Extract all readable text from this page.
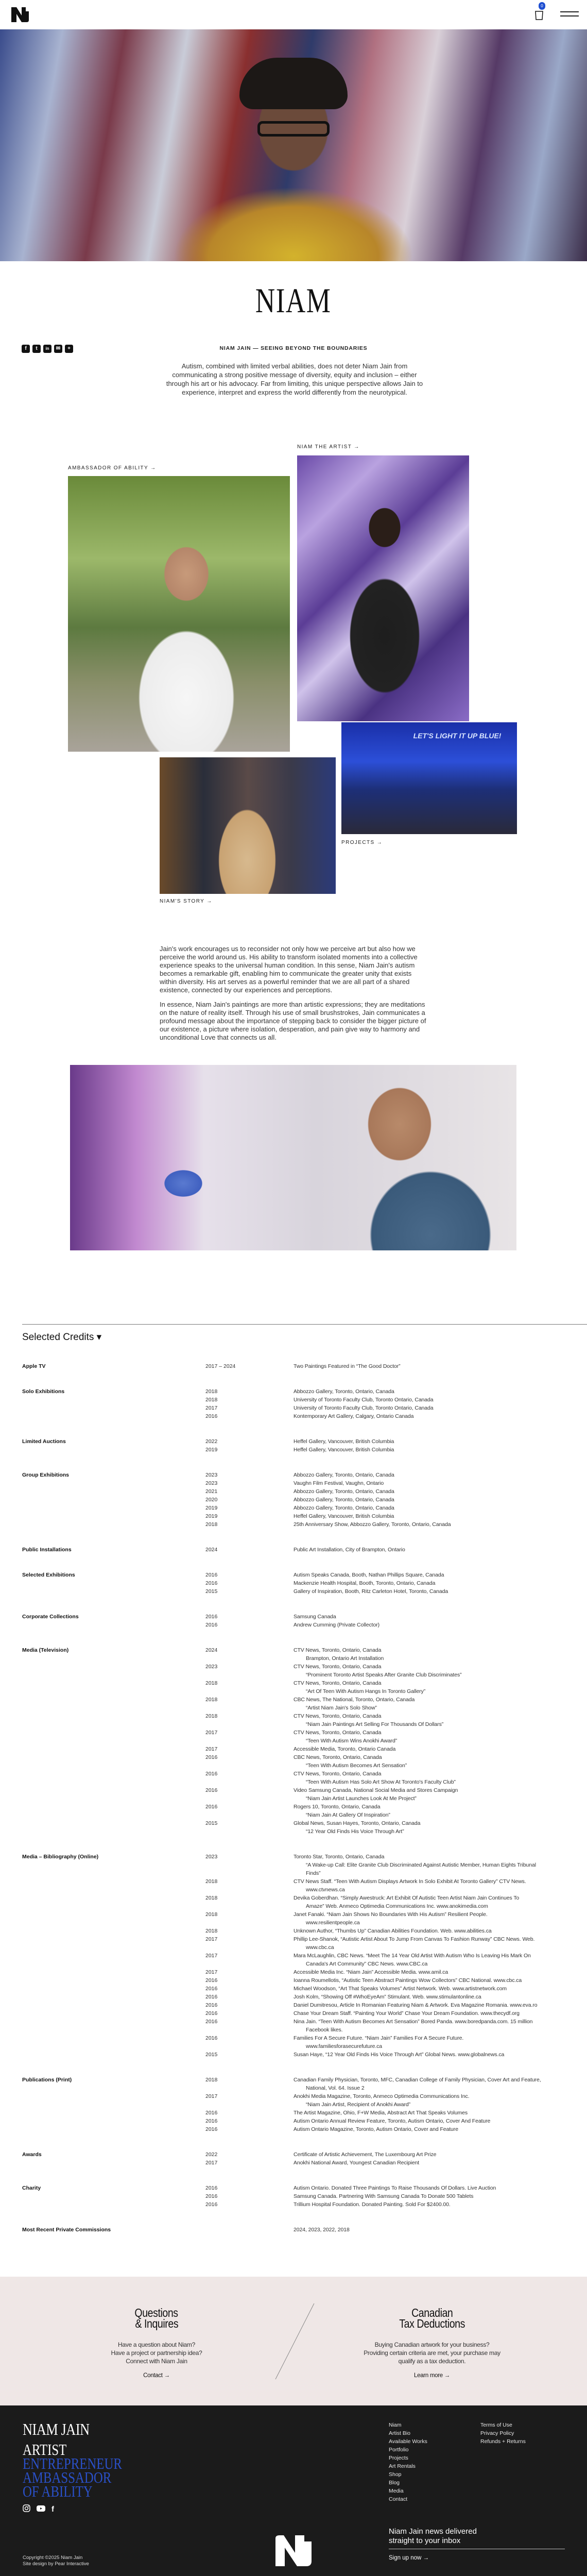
0
NIAM
f	t	in	✉	+	NIAM JAIN — SEEING BEYOND THE BOUNDARIES

Autism, combined with limited verbal abilities, does not deter Niam Jain from communicating a strong positive message of diversity, equity and inclusion – either through his art or his advocacy. Far from limiting, this unique perspective allows Jain to experience, interpret and express the world differently from the neurotypical.

AMBASSADOR OF ABILITY →
NIAM THE ARTIST →
LET'S LIGHT IT UP BLUE!
PROJECTS →
NIAM'S STORY →

Jain's work encourages us to reconsider not only how we perceive art but also how we perceive the world around us. His ability to transform isolated moments into a collective experience speaks to the universal human condition. In this sense, Niam Jain's autism becomes a remarkable gift, enabling him to communicate the greater unity that exists within diversity. His art serves as a powerful reminder that we are all part of a shared existence, connected by our experiences and perceptions.

In essence, Niam Jain's paintings are more than artistic expressions; they are meditations on the nature of reality itself. Through his use of small brushstrokes, Jain communicates a profound message about the importance of stepping back to consider the bigger picture of our existence, a picture where isolation, desperation, and pain give way to harmony and unconditional Love that connects us all.

Selected Credits ▾
Apple TV	2017 – 2024	Two Paintings Featured in “The Good Doctor”
Solo Exhibitions	2018	Abbozzo Gallery, Toronto, Ontario, Canada
2018	University of Toronto Faculty Club, Toronto Ontario, Canada
2017	University of Toronto Faculty Club, Toronto Ontario, Canada
2016	Kontemporary Art Gallery, Calgary, Ontario Canada
Limited Auctions	2022	Heffel Gallery, Vancouver, British Columbia
2019	Heffel Gallery, Vancouver, British Columbia
Group Exhibitions	2023	Abbozzo Gallery, Toronto, Ontario, Canada
2023	Vaughn Film Festival, Vaughn, Ontario
2021	Abbozzo Gallery, Toronto, Ontario, Canada
2020	Abbozzo Gallery, Toronto, Ontario, Canada
2019	Abbozzo Gallery, Toronto, Ontario, Canada
2019	Heffel Gallery, Vancouver, British Columbia
2018	25th Anniversary Show, Abbozzo Gallery, Toronto, Ontario, Canada
Public Installations	2024	Public Art Installation, City of Brampton, Ontario
Selected Exhibitions	2016	Autism Speaks Canada, Booth, Nathan Phillips Square, Canada
2016	Mackenzie Health Hospital, Booth, Toronto, Ontario, Canada
2015	Gallery of Inspiration, Booth, Ritz Carleton Hotel, Toronto, Canada
Corporate Collections	2016	Samsung Canada
2016	Andrew Cumming (Private Collector)
Media (Television)	2024	CTV News, Toronto, Ontario, Canada
Brampton, Ontario Art Installation
2023	CTV News, Toronto, Ontario, Canada
“Prominent Toronto Artist Speaks After Granite Club Discriminates”
2018	CTV News, Toronto, Ontario, Canada
“Art Of Teen With Autism Hangs In Toronto Gallery”
2018	CBC News, The National, Toronto, Ontario, Canada
“Artist Niam Jain's Solo Show”
2018	CTV News, Toronto, Ontario, Canada
“Niam Jain Paintings Art Selling For Thousands Of Dollars”
2017	CTV News, Toronto, Ontario, Canada
“Teen With Autism Wins Anokhi Award”
2017	Accessible Media, Toronto, Ontario Canada
2016	CBC News, Toronto, Ontario, Canada
“Teen With Autism Becomes Art Sensation”
2016	CTV News, Toronto, Ontario, Canada
“Teen With Autism Has Solo Art Show At Toronto's Faculty Club”
2016	Video Samsung Canada, National Social Media and Stores Campaign
“Niam Jain Artist Launches Look At Me Project”
2016	Rogers 10, Toronto, Ontario, Canada
“Niam Jain At Gallery Of Inspiration”
2015	Global News, Susan Hayes, Toronto, Ontario, Canada
“12 Year Old Finds His Voice Through Art”
Media – Bibliography (Online)	2023	Toronto Star, Toronto, Ontario, Canada
“A Wake-up Call: Elite Granite Club Discriminated Against Autistic Member, Human Eights Tribunal
Finds”
2018	CTV News Staff. “Teen With Autism Displays Artwork In Solo Exhibit At Toronto Gallery” CTV News.
www.ctvnews.ca
2018	Devika Goberdhan. “Simply Awestruck: Art Exhibit Of Autistic Teen Artist Niam Jain Continues To
Amaze” Web. Anmeco Optimedia Communications Inc. www.anokimedia.com
2018	Janet Fanaki. “Niam Jain Shows No Boundaries With His Autism” Resilient People.
www.resilientpeople.ca
2018	Unknown Author, “Thumbs Up” Canadian Abilities Foundation. Web. www.abilities.ca
2017	Phillip Lee-Shanok, “Autistic Artist About To Jump From Canvas To Fashion Runway” CBC News. Web.
www.cbc.ca
2017	Mara McLaughlin, CBC News. “Meet The 14 Year Old Artist With Autism Who Is Leaving His Mark On
Canada's Art Community” CBC News. www.CBC.ca
2017	Accessible Media Inc. “Niam Jain” Accessible Media. www.amil.ca
2016	Ioanna Roumellotis, “Autistic Teen Abstract Paintings Wow Collectors” CBC National. www.cbc.ca
2016	Michael Woodson, “Art That Speaks Volumes” Artist Network. Web. www.artistnetwork.com
2016	Josh Kolm, “Showing Off #WhoEyeAm” Stimulant. Web. www.stimulantonline.ca
2016	Daniel Dumitresou, Article In Romanian Featuring Niam & Artwork. Eva Magazine Romania. www.eva.ro
2016	Chase Your Dream Staff. “Painting Your World” Chase Your Dream Foundation. www.thecydf.org
2016	Nina Jain. “Teen With Autism Becomes Art Sensation” Bored Panda. www.boredpanda.com. 15 million
Facebook likes.
2016	Families For A Secure Future. “Niam Jain” Families For A Secure Future.
www.familiesforasecurefuture.ca
2015	Susan Haye, “12 Year Old Finds His Voice Through Art” Global News. www.globalnews.ca
Publications (Print)	2018	Canadian Family Physician, Toronto, MFC, Canadian College of Family Physician, Cover Art and Feature,
National, Vol. 64. Issue 2
2017	Anokhi Media Magazine, Toronto, Anmeco Optimedia Communications Inc.
“Niam Jain Artist, Recipient of Anokhi Award”
2016	The Artist Magazine, Ohio, F+W Media, Abstract Art That Speaks Volumes
2016	Autism Ontario Annual Review Feature, Toronto, Autism Ontario, Cover And Feature
2016	Autism Ontario Magazine, Toronto, Autism Ontario, Cover and Feature
Awards	2022	Certificate of Artistic Achievement, The Luxembourg Art Prize
2017	Anokhi National Award, Youngest Canadian Recipient
Charity	2016	Autism Ontario. Donated Three Paintings To Raise Thousands Of Dollars. Live Auction
2016	Samsung Canada. Partnering With Samsung Canada To Donate 500 Tablets
2016	Trillium Hospital Foundation. Donated Painting. Sold For $2400.00.
Most Recent Private Commissions	2024, 2023, 2022, 2018
Questions
& Inquires
Have a question about Niam?
Have a project or partnership idea?
Connect with Niam Jain
Contact →
Canadian
Tax Deductions
Buying Canadian artwork for your business?
Providing certain criteria are met, your purchase may
qualify as a tax deduction.
Learn more →
NIAM JAIN
ARTIST
ENTREPRENEUR
AMBASSADOR
OF ABILITY
f
Copyright ©2025 Niam Jain
Site design by Pear Interactive
Niam
Artist Bio
Available Works
Portfolio
Projects
Art Rentals
Shop
Blog
Media
Contact
Terms of Use
Privacy Policy
Refunds + Returns
Niam Jain news delivered
straight to your inbox
Sign up now →
